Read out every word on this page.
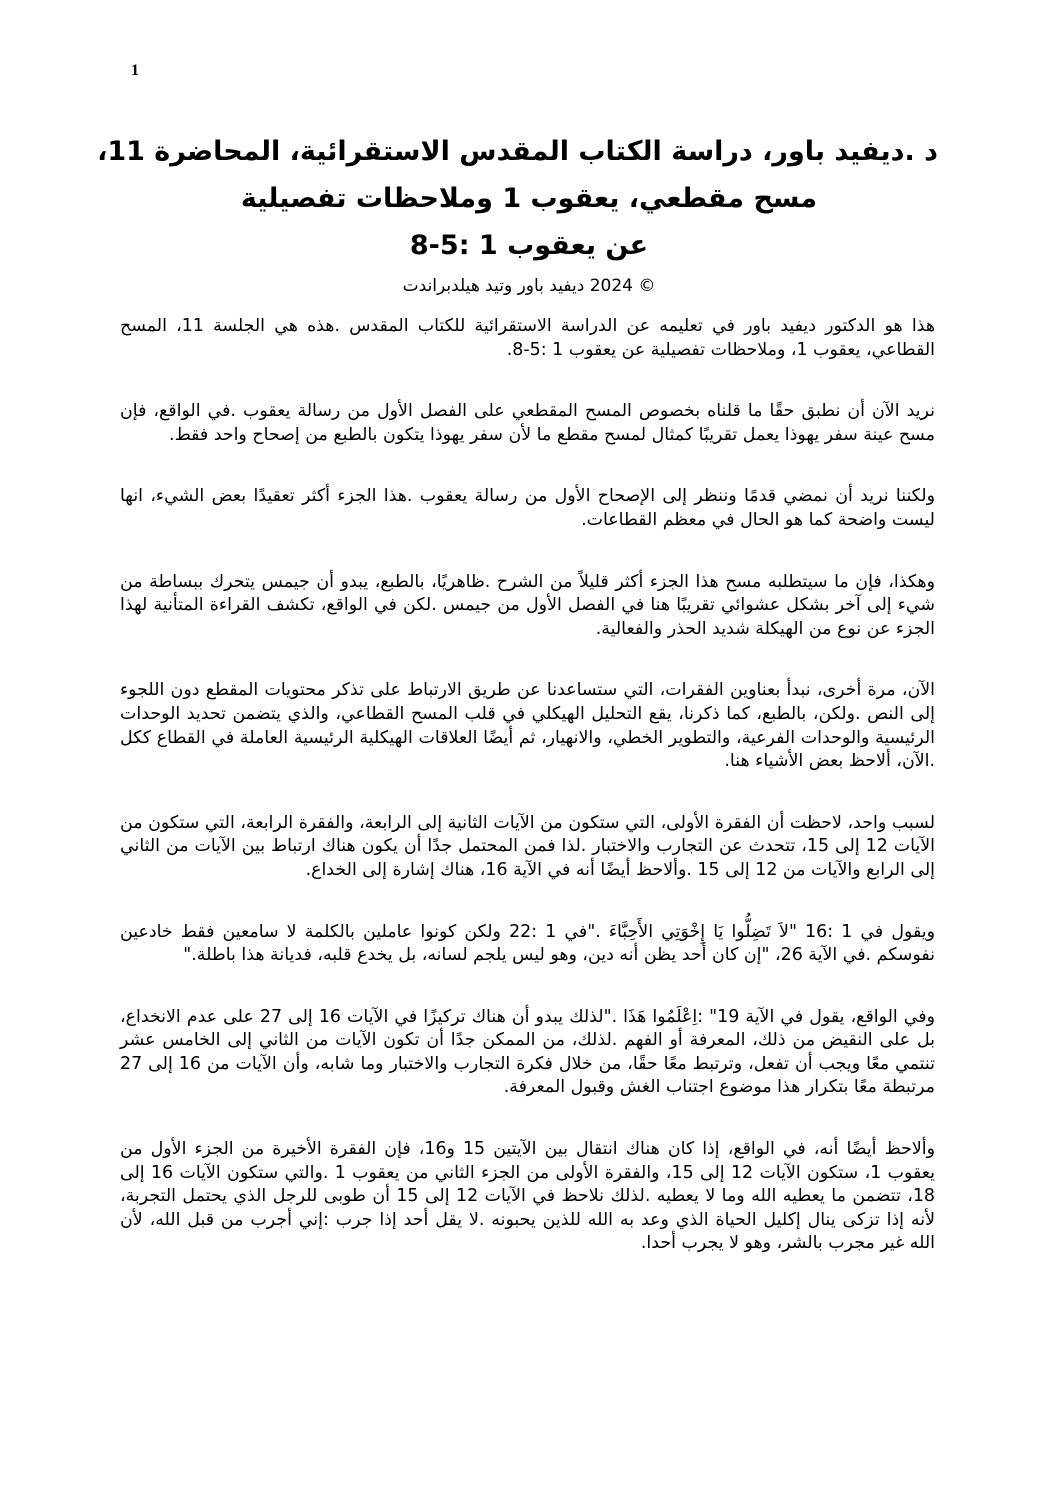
1
د .ديفيد باور، دراسة الكتاب المقدس الاستقرائية، المحاضرة 11،
مسح مقطعي، يعقوب 1 وملاحظات تفصيلية
عن يعقوب 1 :5-8
© 2024 ديفيد باور وتيد هيلدبراندت

هذا هو الدكتور ديفيد باور في تعليمه عن الدراسة الاستقرائية للكتاب المقدس .هذه هي الجلسة 11، المسح القطاعي، يعقوب 1، وملاحظات تفصيلية عن يعقوب 1 :5-8.

نريد الآن أن نطبق حقًا ما قلناه بخصوص المسح المقطعي على الفصل الأول من رسالة يعقوب .في الواقع، فإن مسح عينة سفر يهوذا يعمل تقريبًا كمثال لمسح مقطع ما لأن سفر يهوذا يتكون بالطبع من إصحاح واحد فقط.

ولكننا نريد أن نمضي قدمًا وننظر إلى الإصحاح الأول من رسالة يعقوب .هذا الجزء أكثر تعقيدًا بعض الشيء، انها ليست واضحة كما هو الحال في معظم القطاعات.

وهكذا، فإن ما سيتطلبه مسح هذا الجزء أكثر قليلاً من الشرح .ظاهريًا، بالطبع، يبدو أن جيمس يتحرك ببساطة من شيء إلى آخر بشكل عشوائي تقريبًا هنا في الفصل الأول من جيمس .لكن في الواقع، تكشف القراءة المتأنية لهذا الجزء عن نوع من الهيكلة شديد الحذر والفعالية.

الآن، مرة أخرى، نبدأ بعناوين الفقرات، التي ستساعدنا عن طريق الارتباط على تذكر محتويات المقطع دون اللجوء إلى النص .ولكن، بالطبع، كما ذكرنا، يقع التحليل الهيكلي في قلب المسح القطاعي، والذي يتضمن تحديد الوحدات الرئيسية والوحدات الفرعية، والتطوير الخطي، والانهيار، ثم أيضًا العلاقات الهيكلية الرئيسية العاملة في القطاع ككل .الآن، ألاحظ بعض الأشياء هنا.

لسبب واحد، لاحظت أن الفقرة الأولى، التي ستكون من الآيات الثانية إلى الرابعة، والفقرة الرابعة، التي ستكون من الآيات 12 إلى 15، تتحدث عن التجارب والاختبار .لذا فمن المحتمل جدًا أن يكون هناك ارتباط بين الآيات من الثاني إلى الرابع والآيات من 12 إلى 15 .وألاحظ أيضًا أنه في الآية 16، هناك إشارة إلى الخداع.

ويقول في 1 :16 "لاَ تَضِلُّوا يَا إِخْوَتِي الأَحِبَّاءَ ."في 1 :22 ولكن كونوا عاملين بالكلمة لا سامعين فقط خادعين نفوسكم .في الآية 26، "إن كان أحد يظن أنه دين، وهو ليس يلجم لسانه، بل يخدع قلبه، فديانة هذا باطلة."

وفي الواقع، يقول في الآية 19" :اِعْلَمُوا هَذَا ."لذلك يبدو أن هناك تركيزًا في الآيات 16 إلى 27 على عدم الانخداع، بل على النقيض من ذلك، المعرفة أو الفهم .لذلك، من الممكن جدًا أن تكون الآيات من الثاني إلى الخامس عشر تنتمي معًا ويجب أن تفعل، وترتبط معًا حقًا، من خلال فكرة التجارب والاختبار وما شابه، وأن الآيات من 16 إلى 27 مرتبطة معًا بتكرار هذا موضوع اجتناب الغش وقبول المعرفة.

وألاحظ أيضًا أنه، في الواقع، إذا كان هناك انتقال بين الآيتين 15 و16، فإن الفقرة الأخيرة من الجزء الأول من يعقوب 1، ستكون الآيات 12 إلى 15، والفقرة الأولى من الجزء الثاني من يعقوب 1 .والتي ستكون الآيات 16 إلى 18، تتضمن ما يعطيه الله وما لا يعطيه .لذلك نلاحظ في الآيات 12 إلى 15 أن طوبى للرجل الذي يحتمل التجربة، لأنه إذا تزكى ينال إكليل الحياة الذي وعد به الله للذين يحبونه .لا يقل أحد إذا جرب :إني أجرب من قبل الله، لأن الله غير مجرب بالشر، وهو لا يجرب أحدا.
